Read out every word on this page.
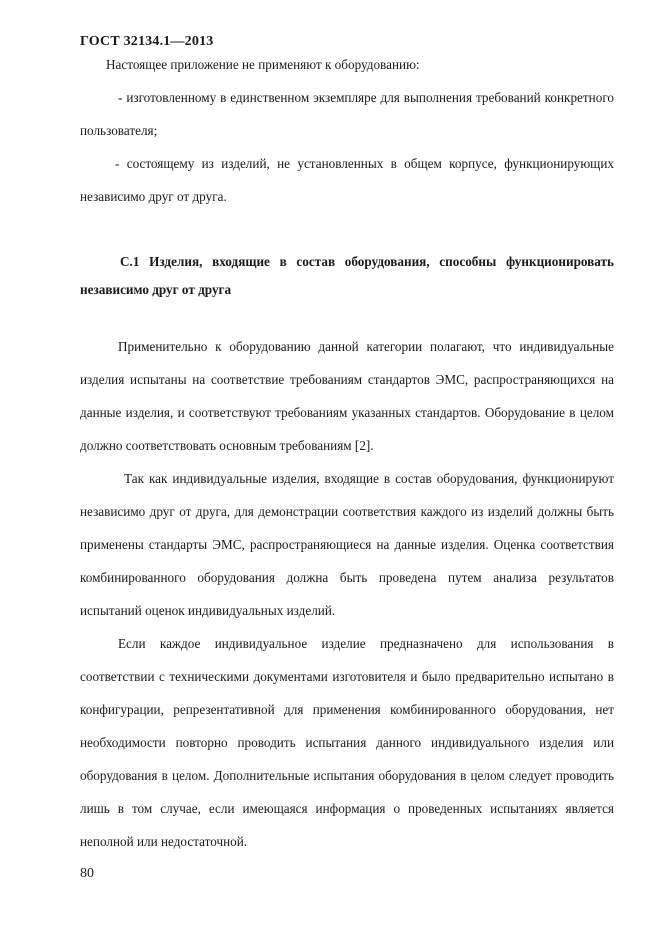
ГОСТ 32134.1—2013

Настоящее приложение не применяют к оборудованию:

- изготовленному в единственном экземпляре для выполнения требований конкретного пользователя;

- состоящему из изделий, не установленных в общем корпусе, функционирующих независимо друг от друга.

С.1 Изделия, входящие в состав оборудования, способны функционировать независимо друг от друга

Применительно к оборудованию данной категории полагают, что индивидуальные изделия испытаны на соответствие требованиям стандартов ЭМС, распространяющихся на данные изделия, и соответствуют требованиям указанных стандартов. Оборудование в целом должно соответствовать основным требованиям [2].

Так как индивидуальные изделия, входящие в состав оборудования, функционируют независимо друг от друга, для демонстрации соответствия каждого из изделий должны быть применены стандарты ЭМС, распространяющиеся на данные изделия. Оценка соответствия комбинированного оборудования должна быть проведена путем анализа результатов испытаний оценок индивидуальных изделий.

Если каждое индивидуальное изделие предназначено для использования в соответствии с техническими документами изготовителя и было предварительно испытано в конфигурации, репрезентативной для применения комбинированного оборудования, нет необходимости повторно проводить испытания данного индивидуального изделия или оборудования в целом. Дополнительные испытания оборудования в целом следует проводить лишь в том случае, если имеющаяся информация о проведенных испытаниях является неполной или недостаточной.

80
